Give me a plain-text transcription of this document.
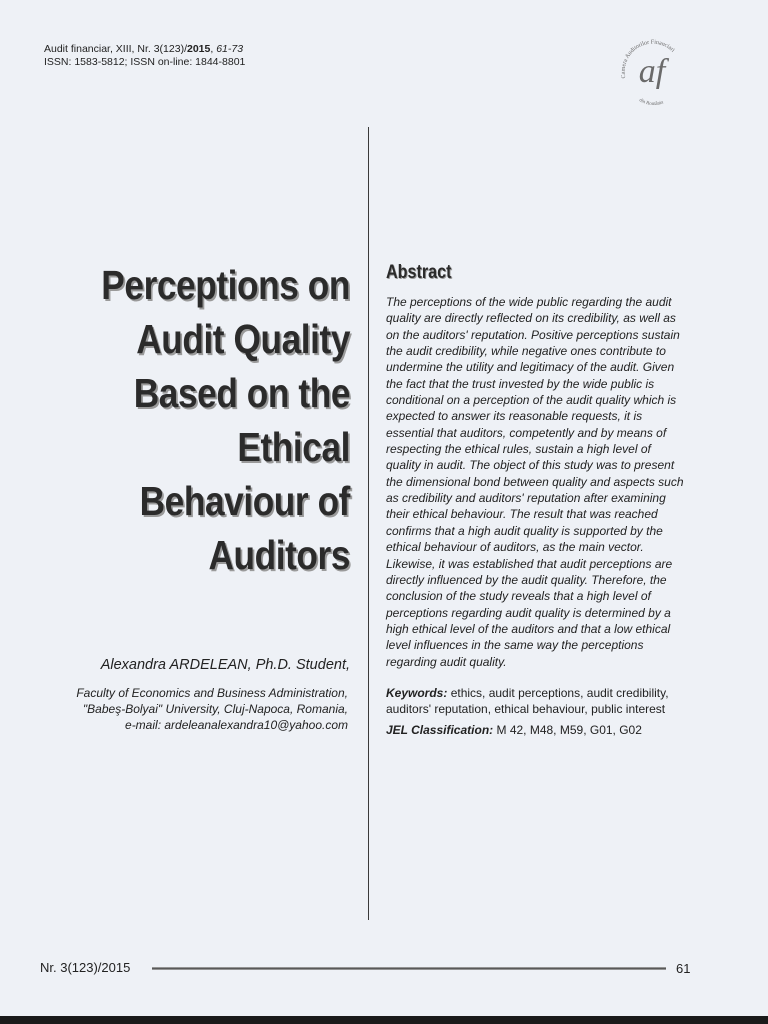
Audit financiar, XIII, Nr. 3(123)/2015, 61-73
ISSN: 1583-5812; ISSN on-line: 1844-8801
Camera Auditorilor Financiari
din România
af
Perceptions on
Audit Quality
Based on the
Ethical
Behaviour of
Auditors
Alexandra ARDELEAN, Ph.D. Student,
Faculty of Economics and Business Administration,
"Babeş-Bolyai" University, Cluj-Napoca, Romania,
e-mail: ardeleanalexandra10@yahoo.com
Abstract
The perceptions of the wide public regarding the audit
quality are directly reflected on its credibility, as well as
on the auditors' reputation. Positive perceptions sustain
the audit credibility, while negative ones contribute to
undermine the utility and legitimacy of the audit. Given
the fact that the trust invested by the wide public is
conditional on a perception of the audit quality which is
expected to answer its reasonable requests, it is
essential that auditors, competently and by means of
respecting the ethical rules, sustain a high level of
quality in audit. The object of this study was to present
the dimensional bond between quality and aspects such
as credibility and auditors' reputation after examining
their ethical behaviour. The result that was reached
confirms that a high audit quality is supported by the
ethical behaviour of auditors, as the main vector.
Likewise, it was established that audit perceptions are
directly influenced by the audit quality. Therefore, the
conclusion of the study reveals that a high level of
perceptions regarding audit quality is determined by a
high ethical level of the auditors and that a low ethical
level influences in the same way the perceptions
regarding audit quality.
Keywords: ethics, audit perceptions, audit credibility,
auditors' reputation, ethical behaviour, public interest
JEL Classification: M 42, M48, M59, G01, G02
Nr. 3(123)/2015	61
